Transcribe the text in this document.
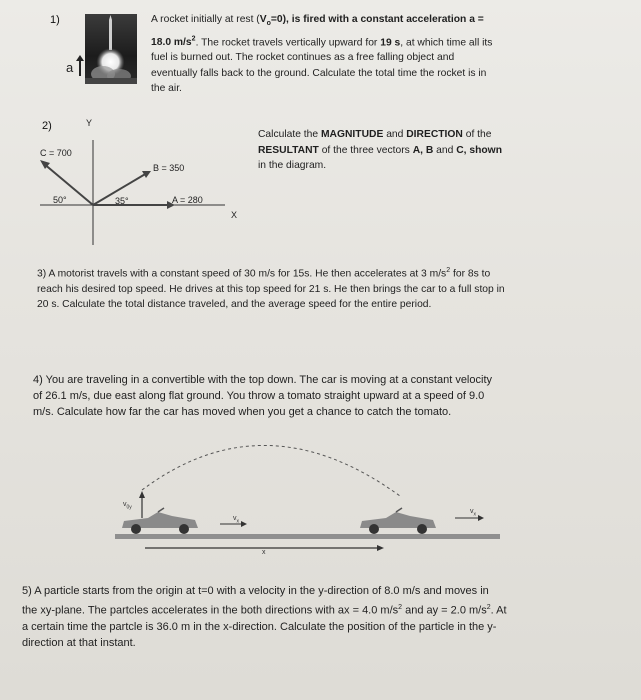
1)
a
A rocket initially at rest $(V_o=0)$, is fired with a constant acceleration a = 18.0 $m/s^2$. The rocket travels vertically upward for 19 s, at which time all its fuel is burned out. The rocket continues as a free falling object and eventually falls back to the ground. Calculate the total time the rocket is in the air.
2)	Y
X
C = 700
B = 350
A = 280
50°	35°
Calculate the MAGNITUDE and DIRECTION of the RESULTANT of the three vectors A, B and C, shown in the diagram.
3) A motorist travels with a constant speed of 30 m/s for 15s. He then accelerates at 3 $m/s^2$ for 8s to reach his desired top speed. He drives at this top speed for 21 s. He then brings the car to a full stop in 20 s. Calculate the total distance traveled, and the average speed for the entire period.
4) You are traveling in a convertible with the top down. The car is moving at a constant velocity of 26.1 m/s, due east along flat ground. You throw a tomato straight upward at a speed of 9.0 m/s. Calculate how far the car has moved when you get a chance to catch the tomato.
$v_{0y}$
$v_x$
$v_x$
x
5) A particle starts from the origin at t=0 with a velocity in the y-direction of 8.0 m/s and moves in the xy-plane. The partcles accelerates in the both directions with ax = 4.0 $m/s^2$ and ay = 2.0 $m/s^2$. At a certain time the partcle is 36.0 m in the x-direction. Calculate the position of the particle in the y-direction at that instant.
